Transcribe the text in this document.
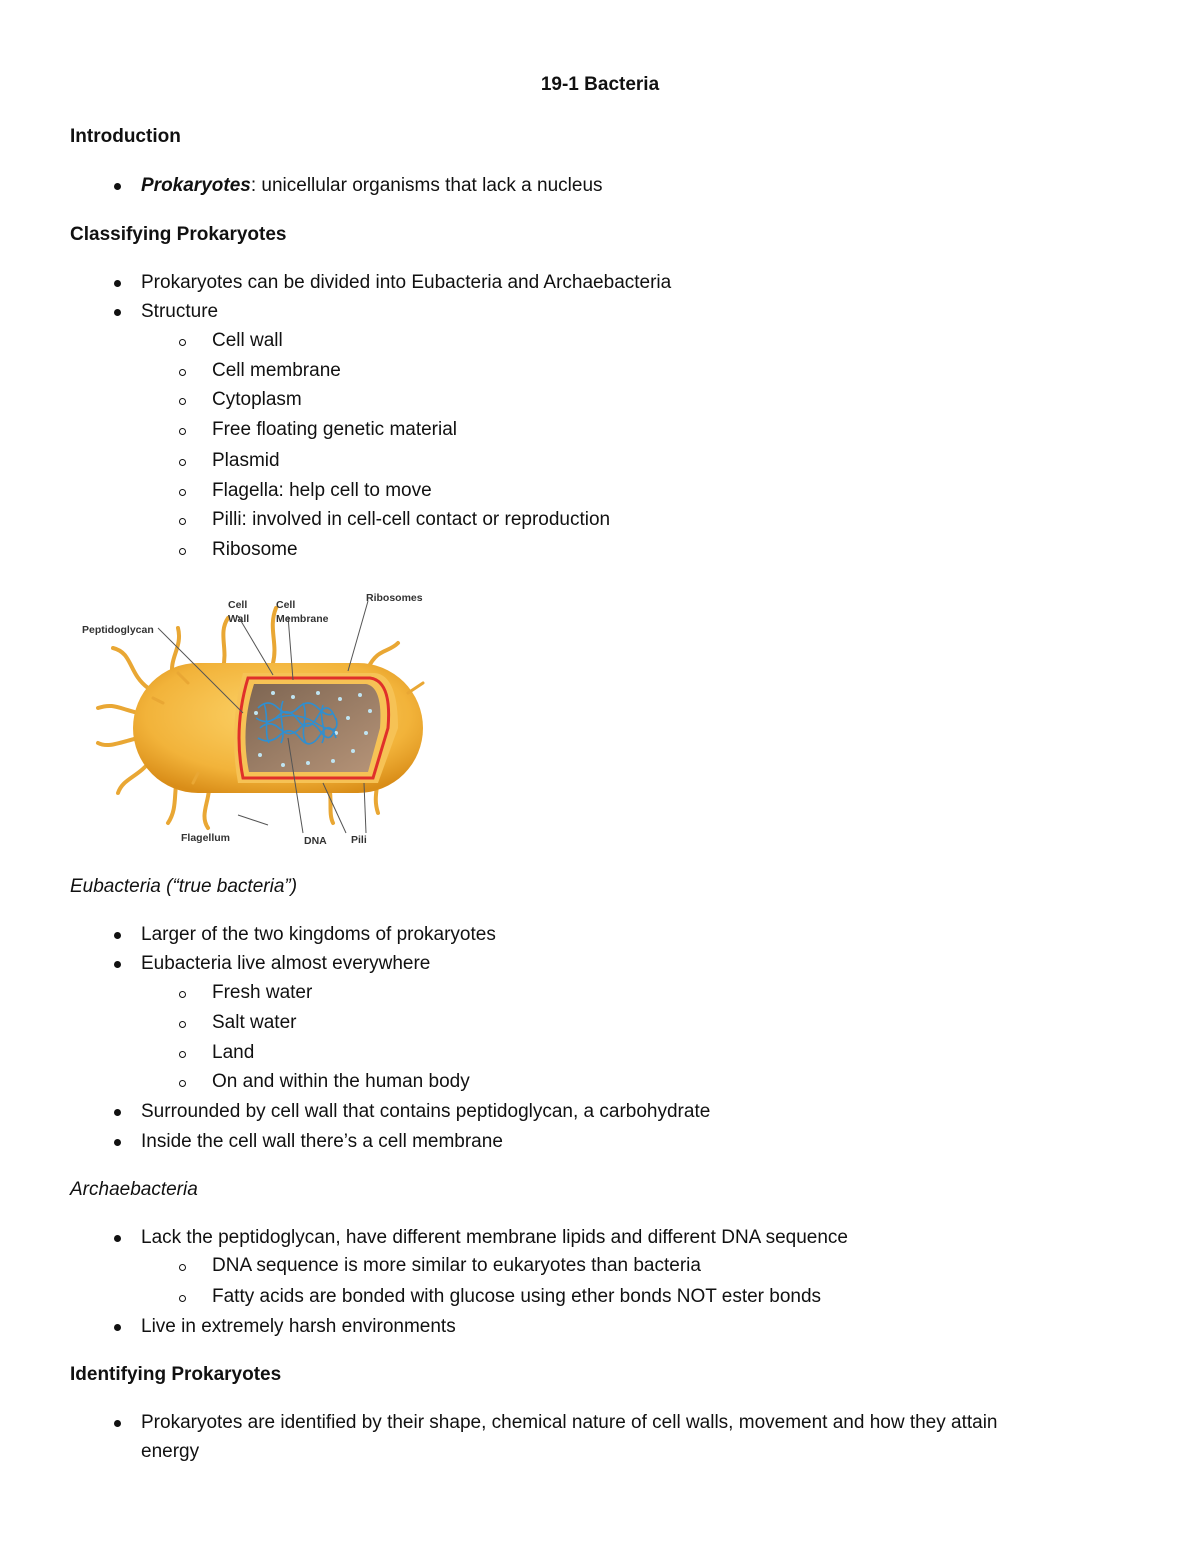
19-1 Bacteria
Introduction
Prokaryotes: unicellular organisms that lack a nucleus
Classifying Prokaryotes
Prokaryotes can be divided into Eubacteria and Archaebacteria
Structure
Cell wall
Cell membrane
Cytoplasm
Free floating genetic material
Plasmid
Flagella: help cell to move
Pilli: involved in cell-cell contact or reproduction
Ribosome
Cell
Wall
Cell
Membrane
Ribosomes
Peptidoglycan
Flagellum	DNA Pili
Eubacteria (“true bacteria”)
Larger of the two kingdoms of prokaryotes
Eubacteria live almost everywhere
Fresh water
Salt water
Land
On and within the human body
Surrounded by cell wall that contains peptidoglycan, a carbohydrate
Inside the cell wall there’s a cell membrane
Archaebacteria
Lack the peptidoglycan, have different membrane lipids and different DNA sequence
DNA sequence is more similar to eukaryotes than bacteria
Fatty acids are bonded with glucose using ether bonds NOT ester bonds
Live in extremely harsh environments
Identifying Prokaryotes
Prokaryotes are identified by their shape, chemical nature of cell walls, movement and how they attain
energy
